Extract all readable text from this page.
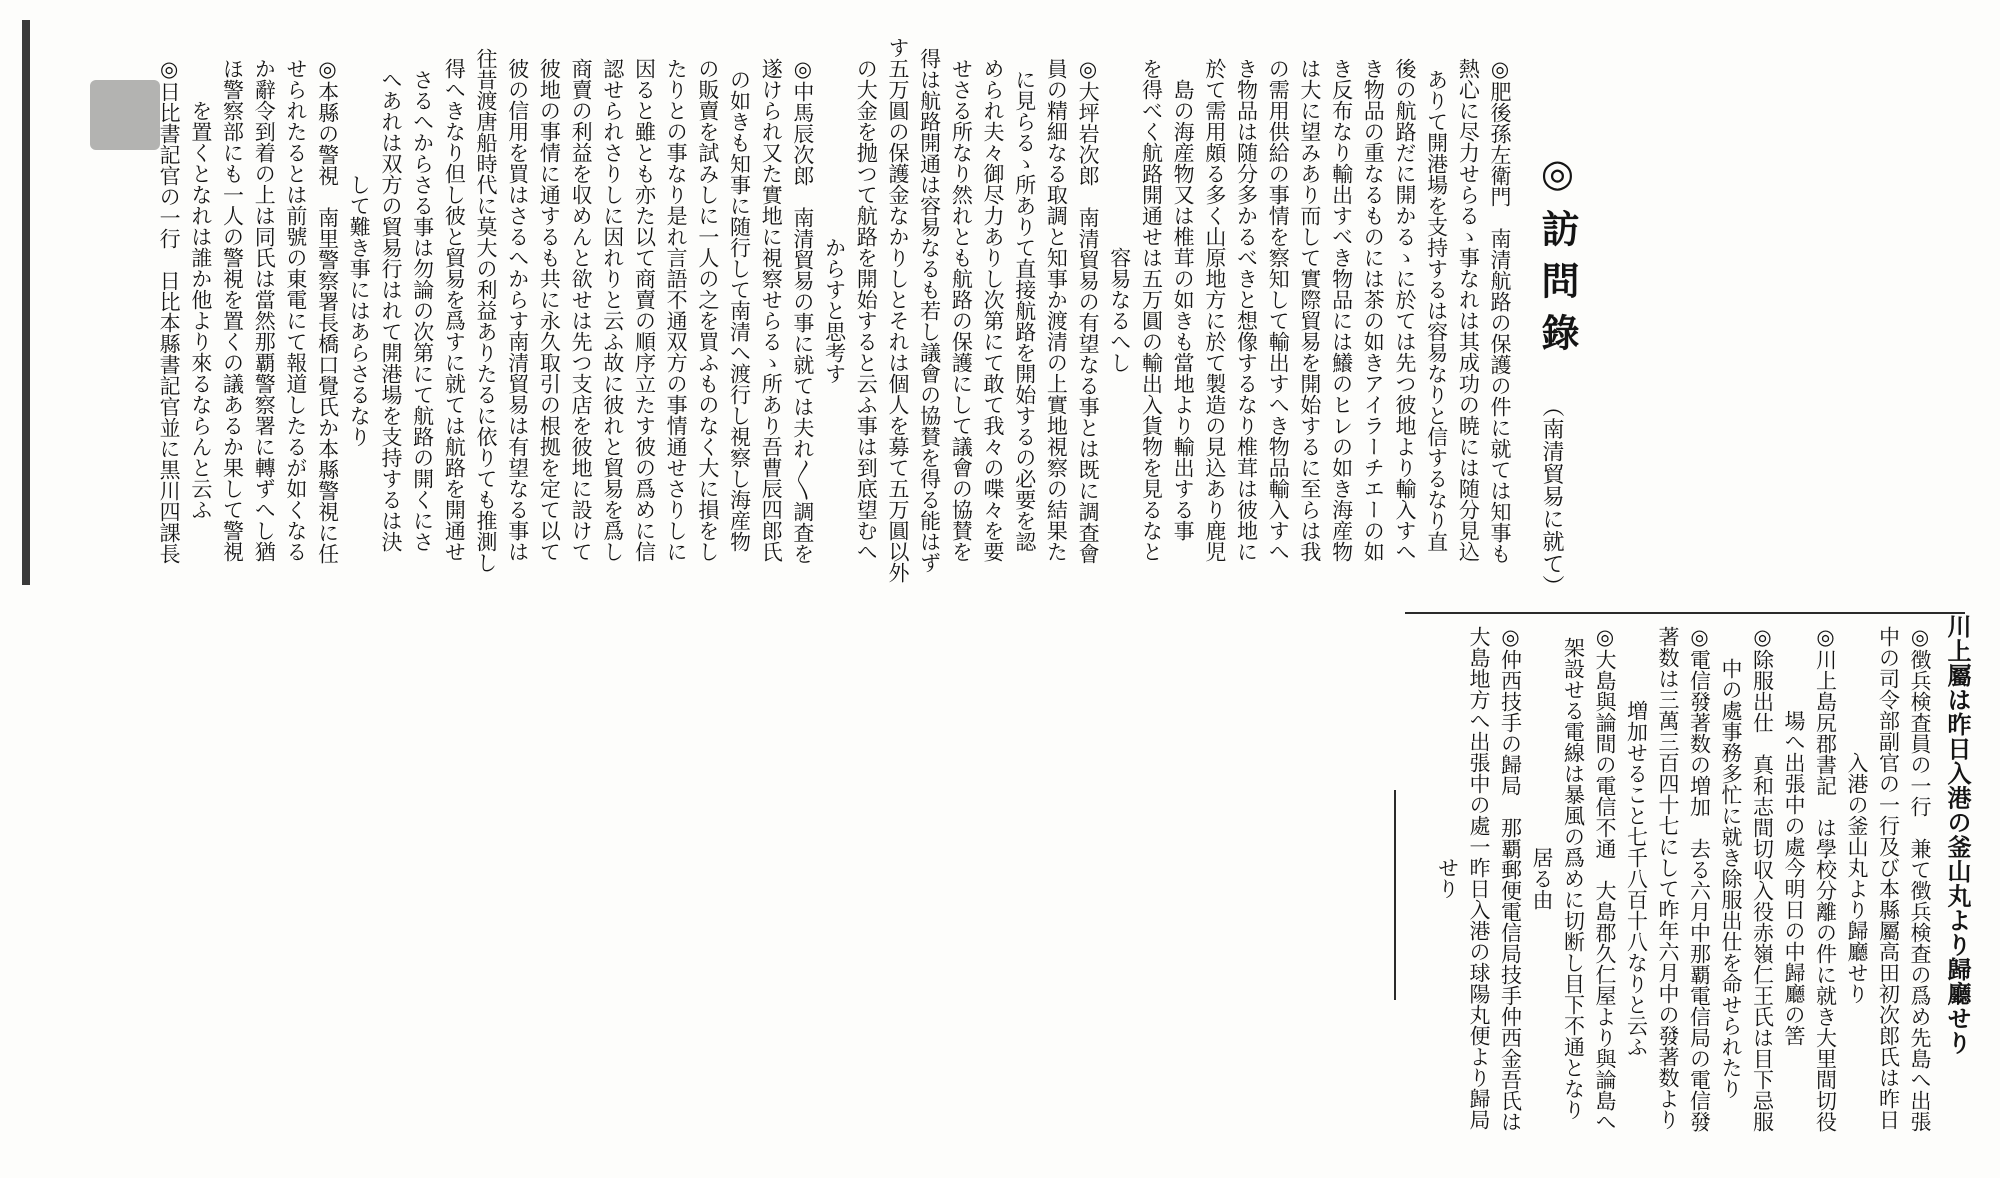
◎訪問錄
（南清貿易に就て）
◎肥後孫左衛門　南清航路の保護の件に就ては知事も
熱心に尽力せらるゝ事なれは其成功の暁には随分見込
ありて開港場を支持するは容易なりと信するなり直
後の航路だに開かるゝに於ては先つ彼地より輸入すへ
き物品の重なるものには茶の如きアイラーチエーの如
き反布なり輸出すべき物品には鱶のヒレの如き海産物
は大に望みあり而して實際貿易を開始するに至らは我
の需用供給の事情を察知して輸出すへき物品輸入すへ
き物品は随分多かるべきと想像するなり椎茸は彼地に
於て需用頗る多く山原地方に於て製造の見込あり鹿児
島の海産物又は椎茸の如きも當地より輸出する事
を得べく航路開通せは五万圓の輸出入貨物を見るなと
容易なるへし
◎大坪岩次郎　南清貿易の有望なる事とは既に調査會
員の精細なる取調と知事か渡清の上實地視察の結果た
に見らるゝ所ありて直接航路を開始するの必要を認
められ夫々御尽力ありし次第にて敢て我々の喋々を要
せさる所なり然れとも航路の保護にして議會の協賛を
得は航路開通は容易なるも若し議會の協賛を得る能はず
す五万圓の保護金なかりしとそれは個人を募て五万圓以外
の大金を抛つて航路を開始すると云ふ事は到底望むへ
からすと思考す
◎中馬辰次郎　南清貿易の事に就ては夫れ〳〵調査を
遂けられ又た實地に視察せらるゝ所あり吾曹辰四郎氏
の如きも知事に随行して南清へ渡行し視察し海産物
の販賣を試みしに一人の之を買ふものなく大に損をし
たりとの事なり是れ言語不通双方の事情通せさりしに
因ると雖とも亦た以て商賣の順序立たす彼の爲めに信
認せられさりしに因れりと云ふ故に彼れと貿易を爲し
商賣の利益を収めんと欲せは先つ支店を彼地に設けて
彼地の事情に通するも共に永久取引の根拠を定て以て
彼の信用を買はさるへからす南清貿易は有望なる事は
往昔渡唐船時代に莫大の利益ありたるに依りても推測し
得へきなり但し彼と貿易を爲すに就ては航路を開通せ
さるへからさる事は勿論の次第にて航路の開くにさ
へあれは双方の貿易行はれて開港場を支持するは決
して難き事にはあらさるなり
◎本縣の警視　南里警察署長橋口覺氏か本縣警視に任
せられたるとは前號の東電にて報道したるが如くなる
か辭令到着の上は同氏は當然那覇警察署に轉ずへし猶
ほ警察部にも一人の警視を置くの議あるか果して警視
を置くとなれは誰か他より來るならんと云ふ
◎日比書記官の一行　日比本縣書記官並に黒川四課長
川上屬は昨日入港の釜山丸より歸廳せり
◎徴兵検査員の一行　兼て徴兵検査の爲め先島へ出張
中の司令部副官の一行及び本縣屬高田初次郎氏は昨日
入港の釜山丸より歸廳せり
◎川上島尻郡書記　は學校分離の件に就き大里間切役
場へ出張中の處今明日の中歸廳の筈
◎除服出仕　真和志間切収入役赤嶺仁王氏は目下忌服
中の處事務多忙に就き除服出仕を命せられたり
◎電信發著数の増加　去る六月中那覇電信局の電信發
著数は三萬三百四十七にして昨年六月中の發著数より
増加せること七千八百十八なりと云ふ
◎大島與論間の電信不通　大島郡久仁屋より與論島へ
架設せる電線は暴風の爲めに切断し目下不通となり
居る由
◎仲西技手の歸局　那覇郵便電信局技手仲西金吾氏は
大島地方へ出張中の處一昨日入港の球陽丸便より歸局
せり
